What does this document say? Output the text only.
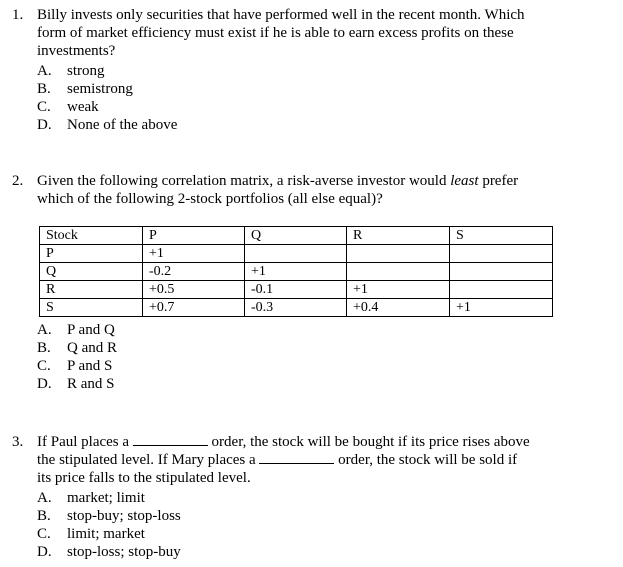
1. Billy invests only securities that have performed well in the recent month. Which
form of market efficiency must exist if he is able to earn excess profits on these
investments?
A. strong
B. semistrong
C. weak
D. None of the above
2. Given the following correlation matrix, a risk-averse investor would least prefer
which of the following 2-stock portfolios (all else equal)?
Stock	P	Q	R	S
P	+1			
Q	-0.2	+1		
R	+0.5	-0.1	+1	
S	+0.7	-0.3	+0.4	+1
A. P and Q
B. Q and R
C. P and S
D. R and S
3. If Paul places a	order, the stock will be bought if its price rises above
the stipulated level. If Mary places a	order, the stock will be sold if
its price falls to the stipulated level.
A. market; limit
B. stop-buy; stop-loss
C. limit; market
D. stop-loss; stop-buy
